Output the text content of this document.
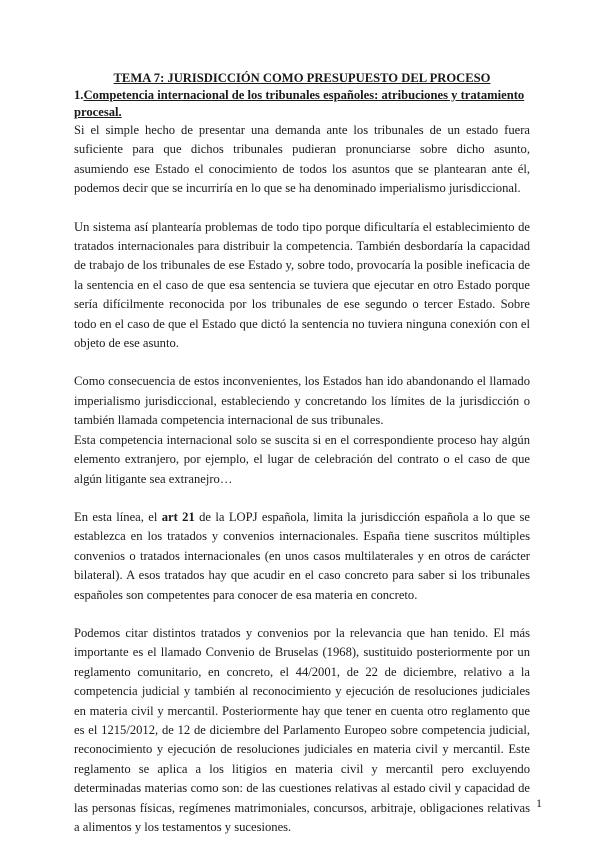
TEMA 7: JURISDICCIÓN COMO PRESUPUESTO DEL PROCESO
1.Competencia internacional de los tribunales españoles: atribuciones y tratamiento procesal.

Si el simple hecho de presentar una demanda ante los tribunales de un estado fuera suficiente para que dichos tribunales pudieran pronunciarse sobre dicho asunto, asumiendo ese Estado el conocimiento de todos los asuntos que se plantearan ante él, podemos decir que se incurriría en lo que se ha denominado imperialismo jurisdiccional.

Un sistema así plantearía problemas de todo tipo porque dificultaría el establecimiento de tratados internacionales para distribuir la competencia. También desbordaría la capacidad de trabajo de los tribunales de ese Estado y, sobre todo, provocaría la posible ineficacia de la sentencia en el caso de que esa sentencia se tuviera que ejecutar en otro Estado porque sería difícilmente reconocida por los tribunales de ese segundo o tercer Estado. Sobre todo en el caso de que el Estado que dictó la sentencia no tuviera ninguna conexión con el objeto de ese asunto.

Como consecuencia de estos inconvenientes, los Estados han ido abandonando el llamado imperialismo jurisdiccional, estableciendo y concretando los límites de la jurisdicción o también llamada competencia internacional de sus tribunales.

Esta competencia internacional solo se suscita si en el correspondiente proceso hay algún elemento extranjero, por ejemplo, el lugar de celebración del contrato o el caso de que algún litigante sea extranejro…

En esta línea, el art 21 de la LOPJ española, limita la jurisdicción española a lo que se establezca en los tratados y convenios internacionales. España tiene suscritos múltiples convenios o tratados internacionales (en unos casos multilaterales y en otros de carácter bilateral). A esos tratados hay que acudir en el caso concreto para saber si los tribunales españoles son competentes para conocer de esa materia en concreto.

Podemos citar distintos tratados y convenios por la relevancia que han tenido. El más importante es el llamado Convenio de Bruselas (1968), sustituido posteriormente por un reglamento comunitario, en concreto, el 44/2001, de 22 de diciembre, relativo a la competencia judicial y también al reconocimiento y ejecución de resoluciones judiciales en materia civil y mercantil. Posteriormente hay que tener en cuenta otro reglamento que es el 1215/2012, de 12 de diciembre del Parlamento Europeo sobre competencia judicial, reconocimiento y ejecución de resoluciones judiciales en materia civil y mercantil. Este reglamento se aplica a los litigios en materia civil y mercantil pero excluyendo determinadas materias como son: de las cuestiones relativas al estado civil y capacidad de las personas físicas, regímenes matrimoniales, concursos, arbitraje, obligaciones relativas a alimentos y los testamentos y sucesiones.

1
